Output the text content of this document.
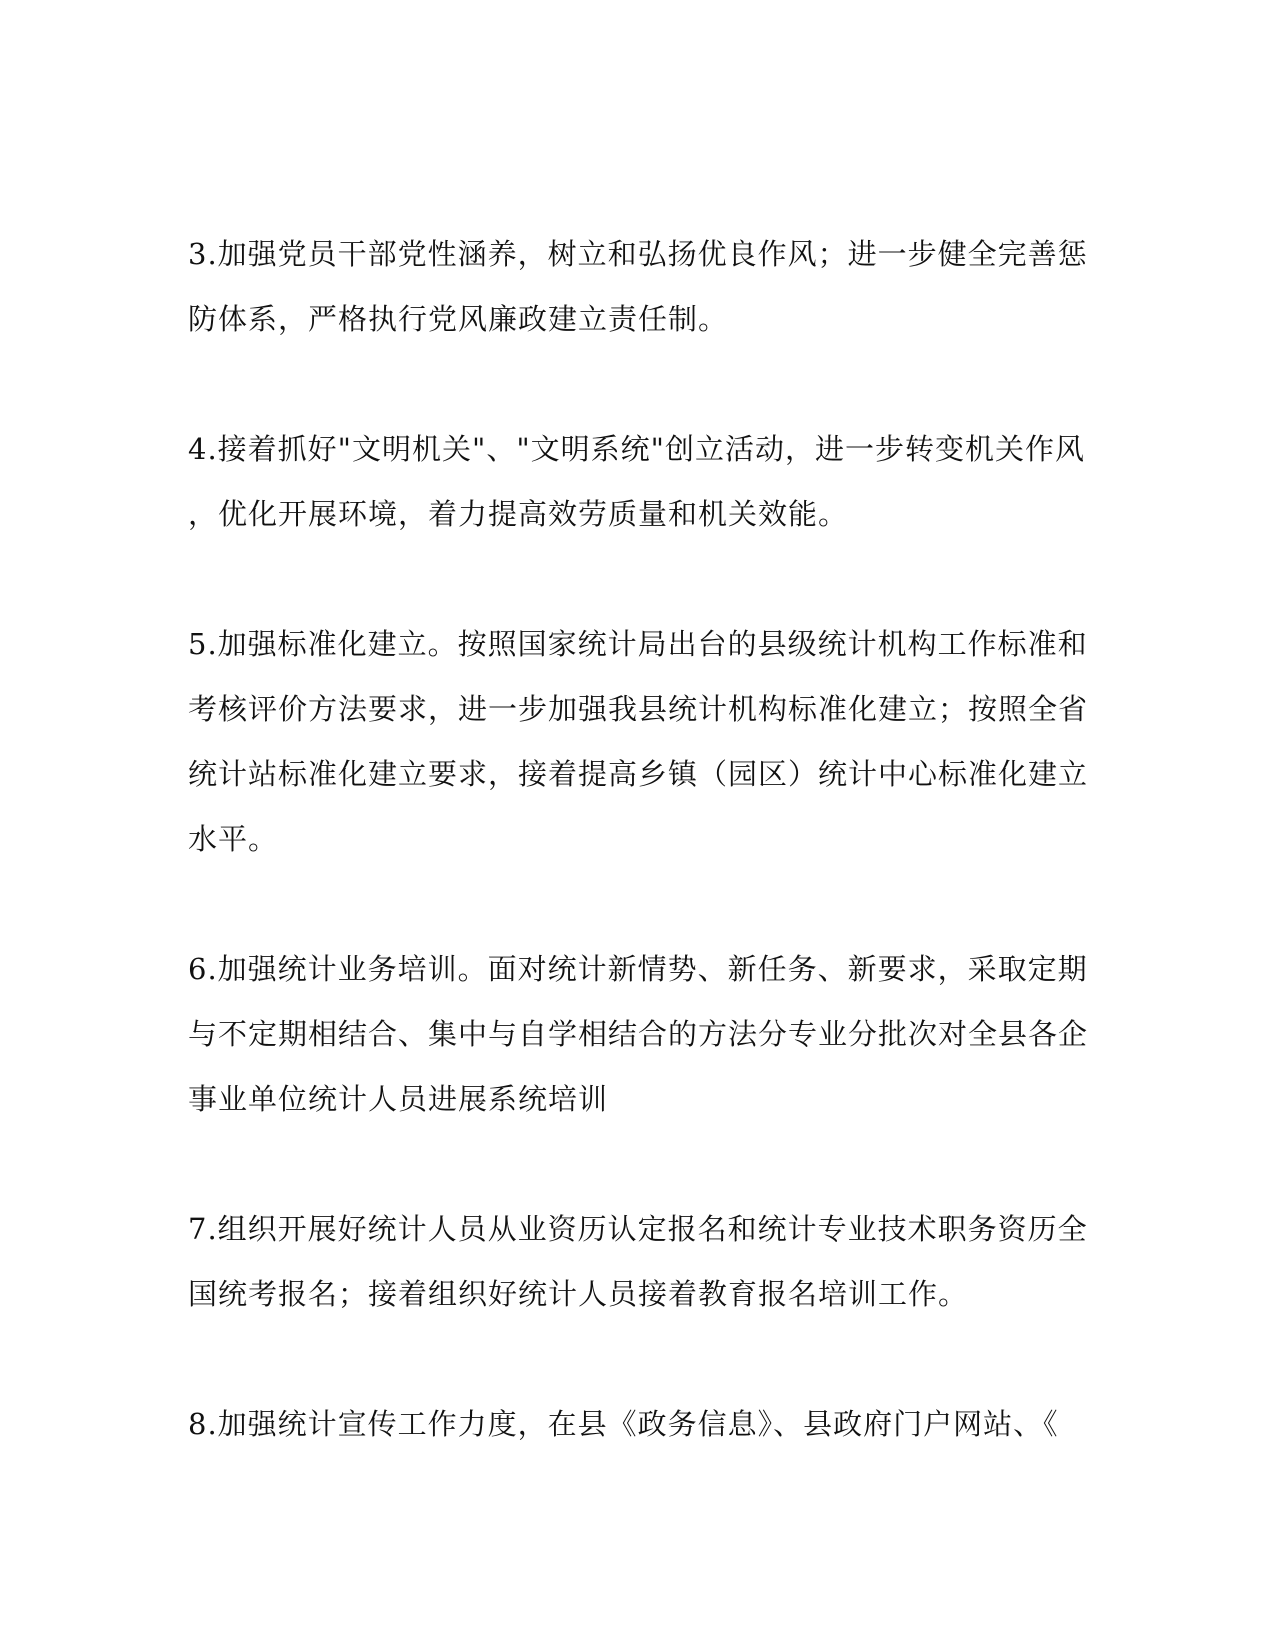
3.加强党员干部党性涵养，树立和弘扬优良作风；进一步健全完善惩
防体系，严格执行党风廉政建立责任制。

4.接着抓好"文明机关"、"文明系统"创立活动，进一步转变机关作风
，优化开展环境，着力提高效劳质量和机关效能。

5.加强标准化建立。按照国家统计局出台的县级统计机构工作标准和
考核评价方法要求，进一步加强我县统计机构标准化建立；按照全省
统计站标准化建立要求，接着提高乡镇（园区）统计中心标准化建立
水平。

6.加强统计业务培训。面对统计新情势、新任务、新要求，采取定期
与不定期相结合、集中与自学相结合的方法分专业分批次对全县各企
事业单位统计人员进展系统培训

7.组织开展好统计人员从业资历认定报名和统计专业技术职务资历全
国统考报名；接着组织好统计人员接着教育报名培训工作。

8.加强统计宣传工作力度，在县《政务信息》、县政府门户网站、《
